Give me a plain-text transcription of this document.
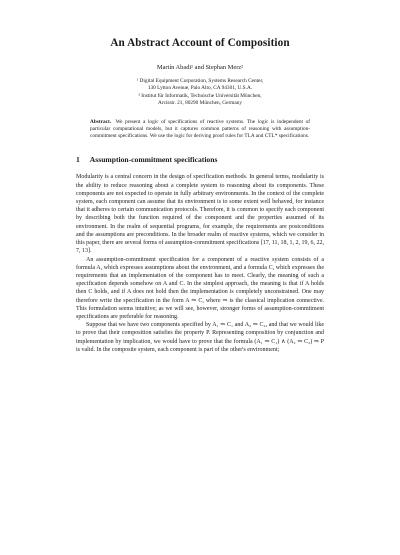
An Abstract Account of Composition
Martín Abadi¹ and Stephan Merz²
¹ Digital Equipment Corporation, Systems Research Center,
130 Lytton Avenue, Palo Alto, CA 94301, U.S.A.
² Institut für Informatik, Technische Universität München,
Arcisstr. 21, 80290 München, Germany
Abstract. We present a logic of specifications of reactive systems. The logic is independent of particular computational models, but it captures common patterns of reasoning with assumption-commitment specifications. We use the logic for deriving proof rules for TLA and CTL* specifications.
1 Assumption-commitment specifications

Modularity is a central concern in the design of specification methods. In general terms, modularity is the ability to reduce reasoning about a complete system to reasoning about its components. These components are not expected to operate in fully arbitrary environments. In the context of the complete system, each component can assume that its environment is to some extent well behaved, for instance that it adheres to certain communication protocols. Therefore, it is common to specify each component by describing both the function required of the component and the properties assumed of its environment. In the realm of sequential programs, for example, the requirements are postconditions and the assumptions are preconditions. In the broader realm of reactive systems, which we consider in this paper, there are several forms of assumption-commitment specifications [17, 11, 18, 1, 2, 19, 6, 22, 7, 13].

An assumption-commitment specification for a component of a reactive system consists of a formula A, which expresses assumptions about the environment, and a formula C, which expresses the requirements that an implementation of the component has to meet. Clearly, the meaning of such a specification depends somehow on A and C. In the simplest approach, the meaning is that if A holds then C holds, and if A does not hold then the implementation is completely unconstrained. One may therefore write the specification in the form A ⇒ C, where ⇒ is the classical implication connective. This formulation seems intuitive; as we will see, however, stronger forms of assumption-commitment specifications are preferable for reasoning.

Suppose that we have two components specified by A₁ ⇒ C₁ and A₂ ⇒ C₂, and that we would like to prove that their composition satisfies the property P. Representing composition by conjunction and implementation by implication, we would have to prove that the formula (A₁ ⇒ C₁) ∧ (A₂ ⇒ C₂) ⇒ P is valid. In the composite system, each component is part of the other's environment;
